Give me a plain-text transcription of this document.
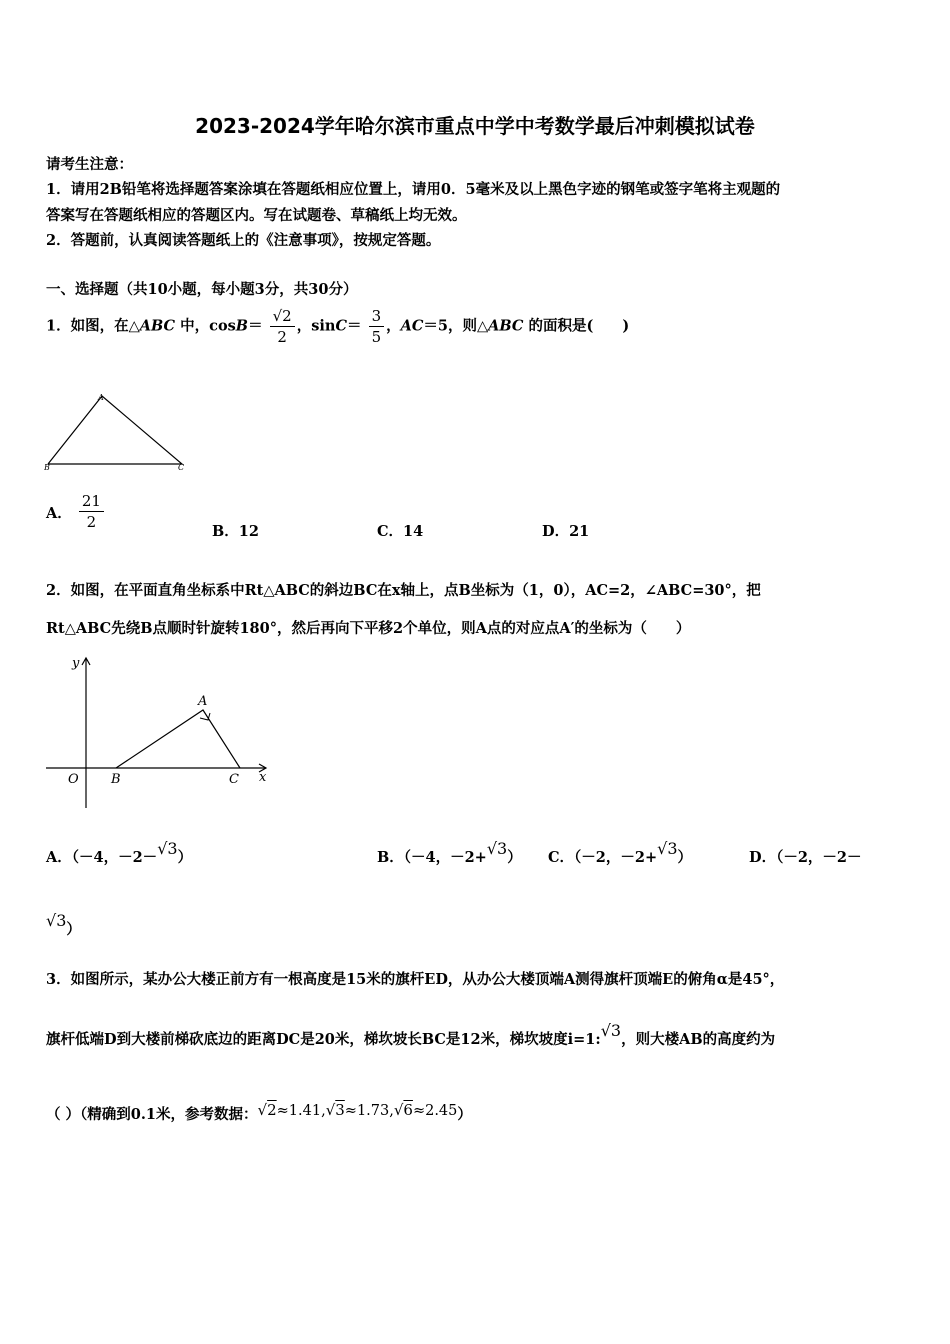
2023-2024学年哈尔滨市重点中学中考数学最后冲刺模拟试卷
请考生注意：
1．请用2B铅笔将选择题答案涂填在答题纸相应位置上，请用0．5毫米及以上黑色字迹的钢笔或签字笔将主观题的
答案写在答题纸相应的答题区内。写在试题卷、草稿纸上均无效。
2．答题前，认真阅读答题纸上的《注意事项》，按规定答题。
一、选择题（共10小题，每小题3分，共30分）
1．如图，在△ABC 中，$\cos B= \frac{√2}{2}$ ，$\sin C= \frac{3}{5}$ ，AC＝5，则△ABC 的面积是(　　)
A
B	C
A． $\frac{21}{2}$	B．12	C．14	D．21
2．如图，在平面直角坐标系中Rt△ABC的斜边BC在x轴上，点B坐标为（1，0），AC=2，∠ABC=30°，把
Rt△ABC先绕B点顺时针旋转180°，然后再向下平移2个单位，则A点的对应点A′的坐标为（　　）
y
x
O B	C
A
A．（－4，－2－√3）	B．（－4，－2+√3） C．（－2，－2+√3）	D．（－2，－2－
√3）
3．如图所示，某办公大楼正前方有一根高度是15米的旗杆ED，从办公大楼顶端A测得旗杆顶端E的俯角α是45°，
旗杆低端D到大楼前梯砍底边的距离DC是20米，梯坎坡长BC是12米，梯坎坡度i=1:√3，则大楼AB的高度约为
（ ）（精确到0.1米，参考数据：√2≈1.41,√3≈1.73,√6≈2.45）
